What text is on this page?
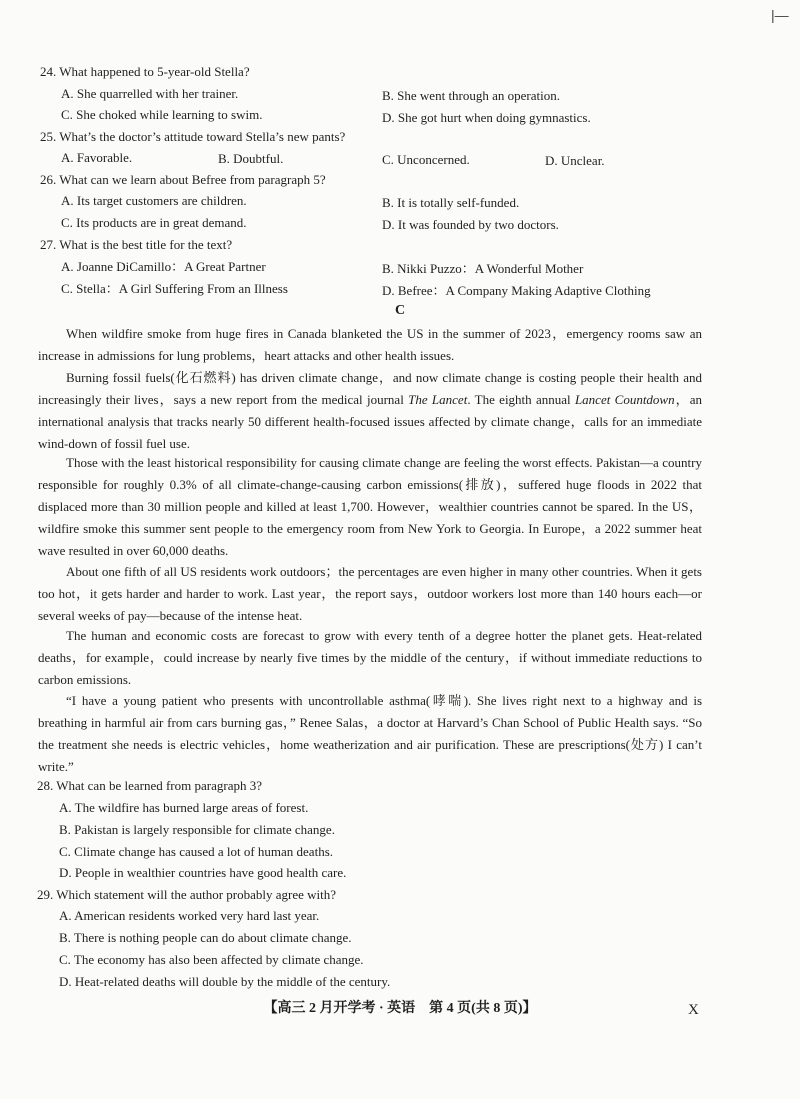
|—
24. What happened to 5-year-old Stella?
A. She quarrelled with her trainer.	B. She went through an operation.
C. She choked while learning to swim.	D. She got hurt when doing gymnastics.
25. What’s the doctor’s attitude toward Stella’s new pants?
A. Favorable.	B. Doubtful.	C. Unconcerned.	D. Unclear.
26. What can we learn about Befree from paragraph 5?
A. Its target customers are children.	B. It is totally self-funded.
C. Its products are in great demand.	D. It was founded by two doctors.
27. What is the best title for the text?
A. Joanne DiCamillo：A Great Partner	B. Nikki Puzzo：A Wonderful Mother
C. Stella：A Girl Suffering From an Illness	D. Befree：A Company Making Adaptive Clothing
C
When wildfire smoke from huge fires in Canada blanketed the US in the summer of 2023，emergency rooms saw an increase in admissions for lung problems，heart attacks and other health issues.
Burning fossil fuels(化石燃料) has driven climate change，and now climate change is costing people their health and increasingly their lives，says a new report from the medical journal The Lancet. The eighth annual Lancet Countdown，an international analysis that tracks nearly 50 different health-focused issues affected by climate change，calls for an immediate wind-down of fossil fuel use.
Those with the least historical responsibility for causing climate change are feeling the worst effects. Pakistan—a country responsible for roughly 0.3% of all climate-change-causing carbon emissions(排放)，suffered huge floods in 2022 that displaced more than 30 million people and killed at least 1,700. However，wealthier countries cannot be spared. In the US，wildfire smoke this summer sent people to the emergency room from New York to Georgia. In Europe，a 2022 summer heat wave resulted in over 60,000 deaths.
About one fifth of all US residents work outdoors；the percentages are even higher in many other countries. When it gets too hot，it gets harder and harder to work. Last year，the report says，outdoor workers lost more than 140 hours each—or several weeks of pay—because of the intense heat.
The human and economic costs are forecast to grow with every tenth of a degree hotter the planet gets. Heat-related deaths，for example，could increase by nearly five times by the middle of the century，if without immediate reductions to carbon emissions.
“I have a young patient who presents with uncontrollable asthma(哮喘). She lives right next to a highway and is breathing in harmful air from cars burning gas，” Renee Salas，a doctor at Harvard’s Chan School of Public Health says. “So the treatment she needs is electric vehicles，home weatherization and air purification. These are prescriptions(处方) I can’t write.”
28. What can be learned from paragraph 3?
A. The wildfire has burned large areas of forest.
B. Pakistan is largely responsible for climate change.
C. Climate change has caused a lot of human deaths.
D. People in wealthier countries have good health care.
29. Which statement will the author probably agree with?
A. American residents worked very hard last year.
B. There is nothing people can do about climate change.
C. The economy has also been affected by climate change.
D. Heat-related deaths will double by the middle of the century.
【高三 2 月开学考 · 英语　第 4 页(共 8 页)】	X
